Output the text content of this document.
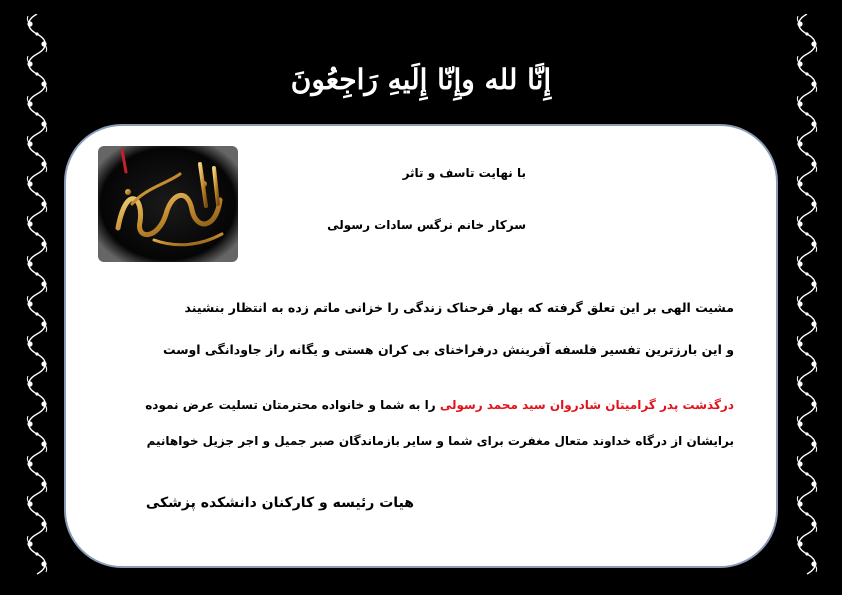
إِنَّا لله وإِنّا إِلَيهِ رَاجِعُونَ
با نهایت تاسف و تاثر
سرکار خانم نرگس سادات رسولی
مشیت الهی بر این تعلق گرفته که بهار فرحناک زندگی را خزانی ماتم زده به انتظار بنشیند
و این بارزترین تفسیر فلسفه آفرینش درفراخنای بی کران هستی و یگانه راز جاودانگی اوست
درگذشت پدر گرامیتان شادروان سید محمد رسولی را به شما و خانواده محترمتان تسلیت عرض نموده
برایشان از درگاه خداوند متعال مغفرت برای شما و سایر بازماندگان صبر جمیل و اجر جزیل خواهانیم
هیات رئیسه و کارکنان دانشکده پزشکی
